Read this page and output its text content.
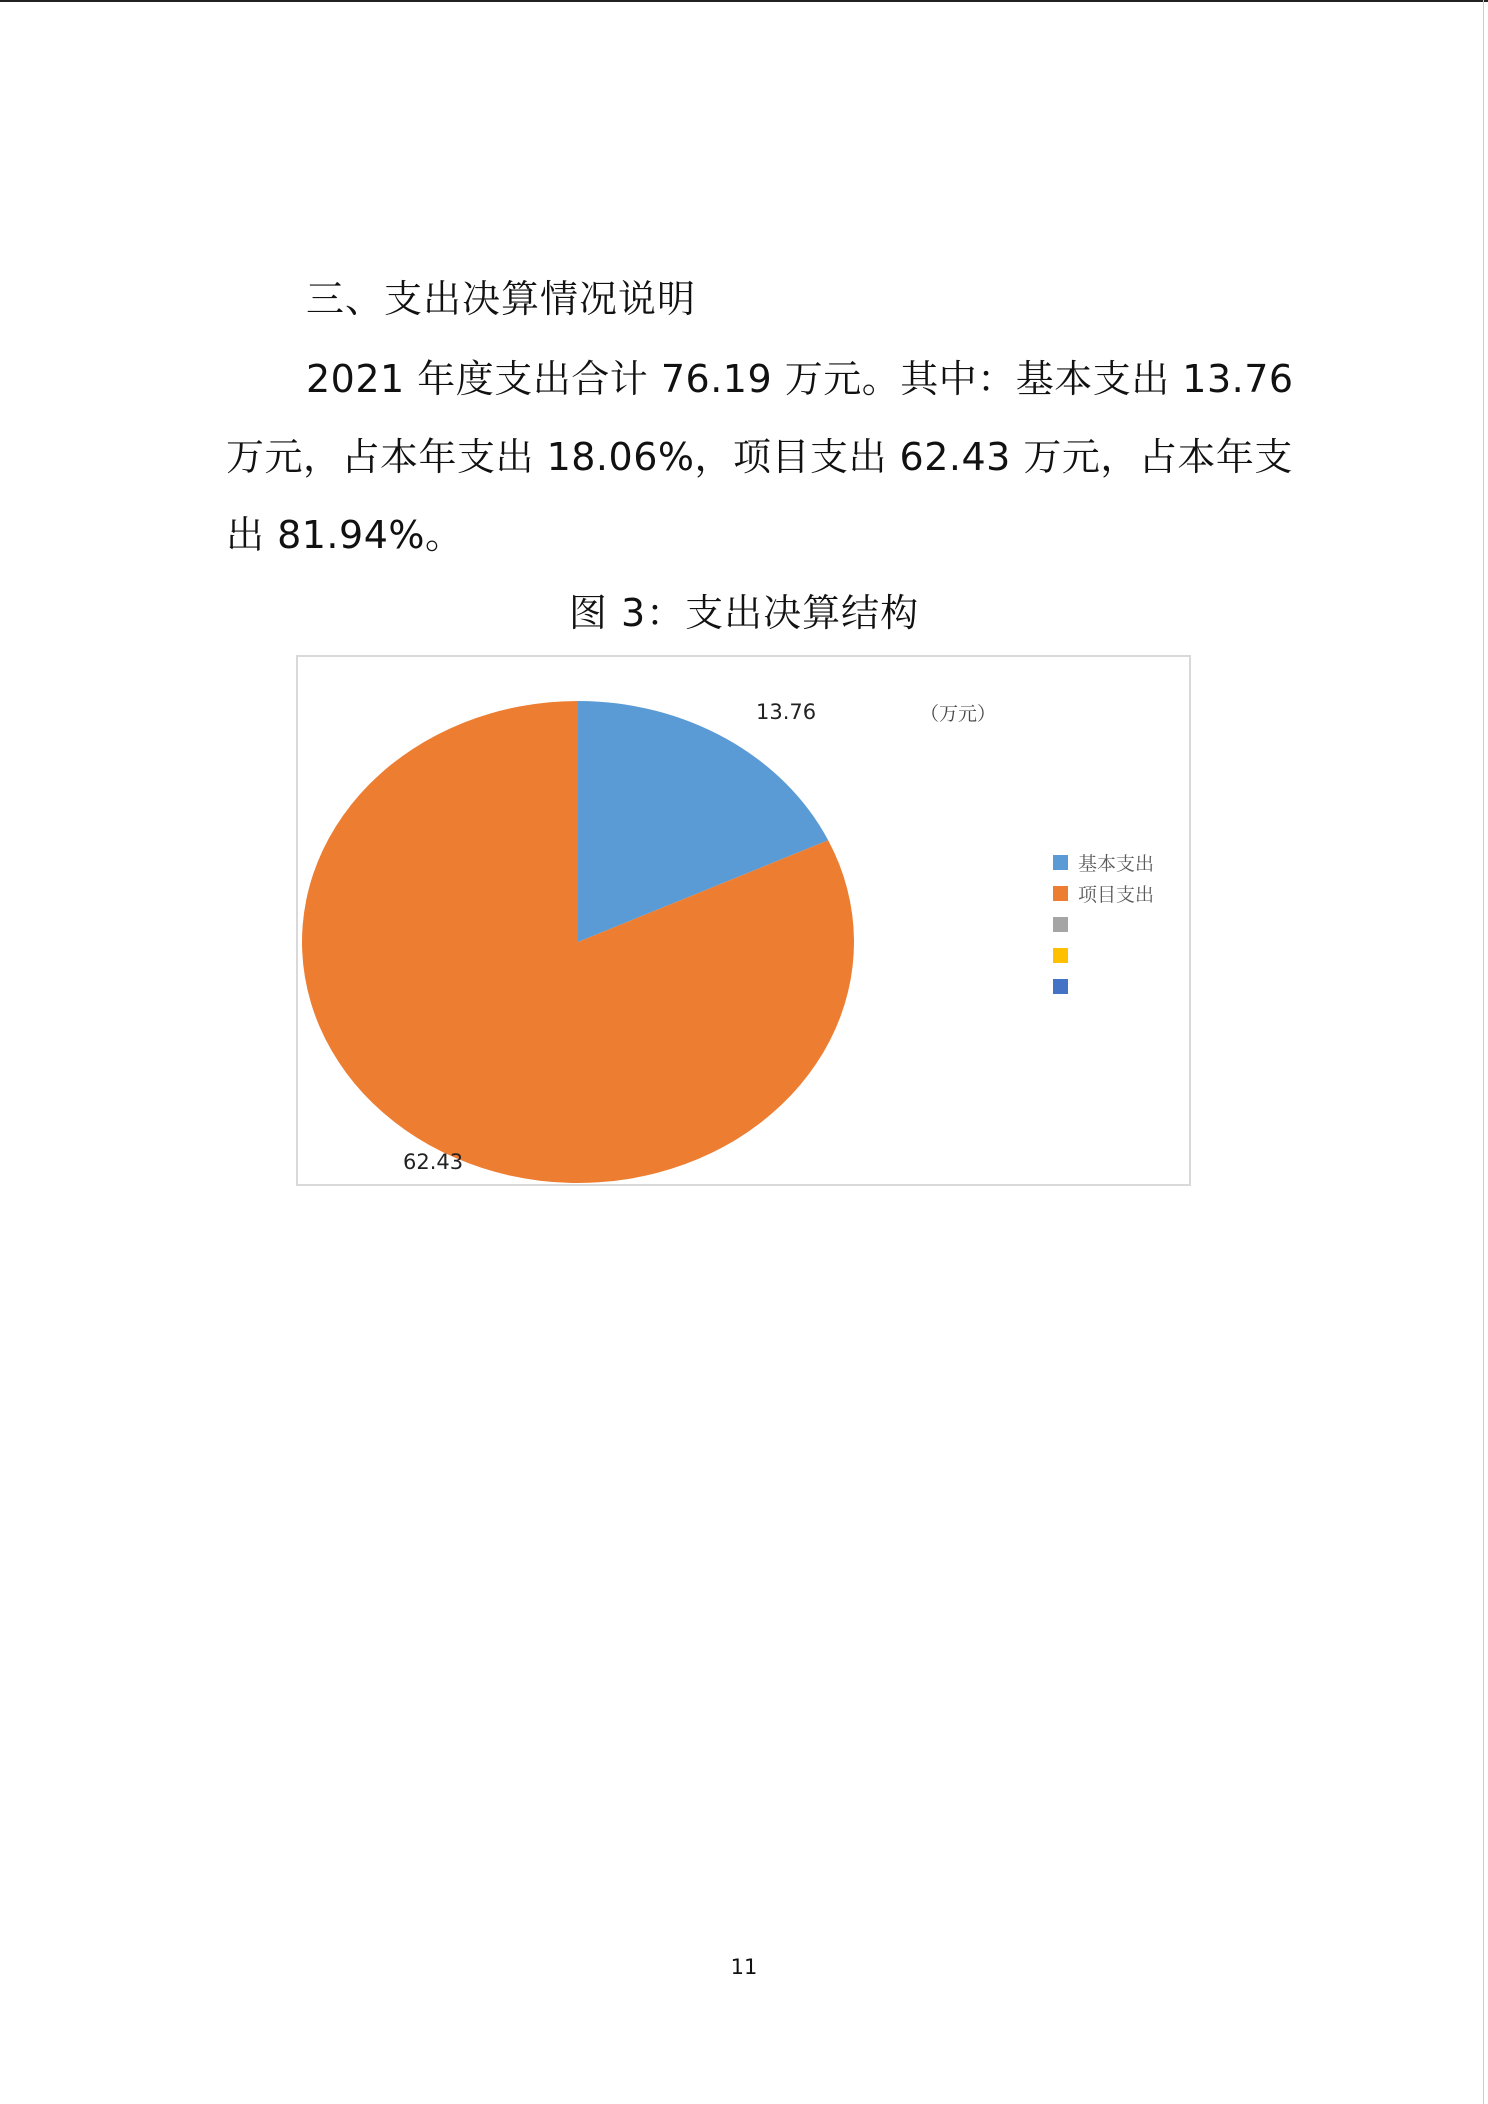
三、支出决算情况说明
2021 年度支出合计 76.19 万元。其中：基本支出 13.76
万元，占本年支出 18.06%，项目支出 62.43 万元，占本年支
出 81.94%。
图 3：支出决算结构
13.76
62.43
（万元）
基本支出
项目支出
11
